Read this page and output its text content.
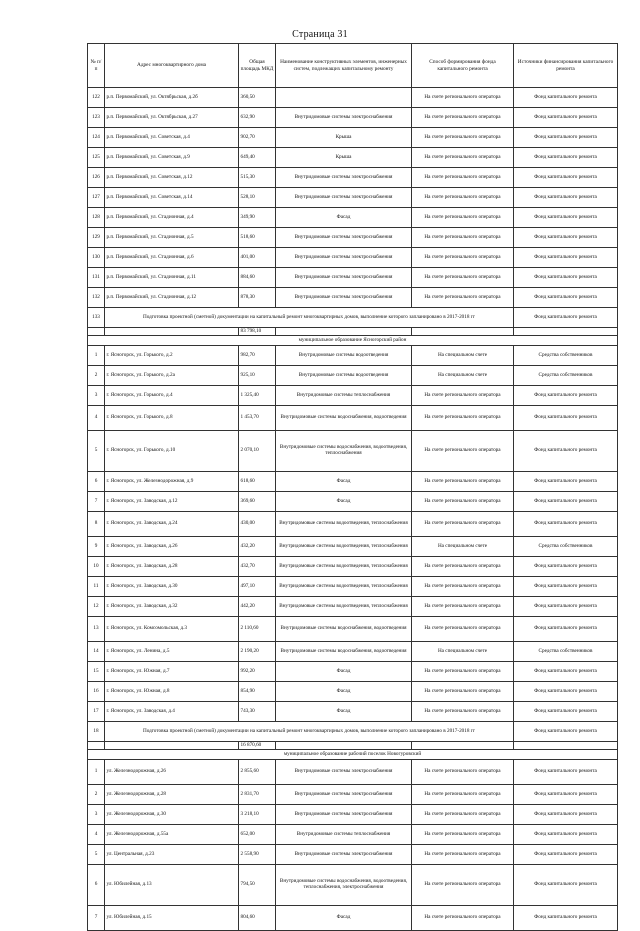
Страница 31
№ п/п	Адрес многоквартирного дома	Общая площадь МКД	Наименование конструктивных элементов, инженерных систем, подлежащих капитальному ремонту	Способ формирования фонда капитального ремонта	Источники финансирования капитального ремонта
122	р.п. Первомайский, ул. Октябрьская, д.2б	360,50		На счете регионального оператора	Фонд капитального ремонта
123	р.п. Первомайский, ул. Октябрьская, д.27	632,90	Внутридомовые системы электроснабжения	На счете регионального оператора	Фонд капитального ремонта
124	р.п. Первомайский, ул. Советская, д.4	902,70	Крыша	На счете регионального оператора	Фонд капитального ремонта
125	р.п. Первомайский, ул. Советская, д.9	649,40	Крыша	На счете регионального оператора	Фонд капитального ремонта
126	р.п. Первомайский, ул. Советская, д.12	515,30	Внутридомовые системы электроснабжения	На счете регионального оператора	Фонд капитального ремонта
127	р.п. Первомайский, ул. Советская, д.14	528,10	Внутридомовые системы электроснабжения	На счете регионального оператора	Фонд капитального ремонта
128	р.п. Первомайский, ул. Стадионная, д.4	349,90	Фасад	На счете регионального оператора	Фонд капитального ремонта
129	р.п. Первомайский, ул. Стадионная, д.5	518,60	Внутридомовые системы электроснабжения	На счете регионального оператора	Фонд капитального ремонта
130	р.п. Первомайский, ул. Стадионная, д.6	401,00	Внутридомовые системы электроснабжения	На счете регионального оператора	Фонд капитального ремонта
131	р.п. Первомайский, ул. Стадионная, д.11	884,60	Внутридомовые системы электроснабжения	На счете регионального оператора	Фонд капитального ремонта
132	р.п. Первомайский, ул. Стадионная, д.12	878,30	Внутридомовые системы электроснабжения	На счете регионального оператора	Фонд капитального ремонта
133	Подготовка проектной (сметной) документации на капитальный ремонт многоквартирных домов, выполнение которого запланировано в 2017-2018 гг				Фонд капитального ремонта
		83 798,10			
муниципальное образование Ясногорский район					
1	г. Ясногорск, ул. Горького, д.2	982,70	Внутридомовые системы водоотведения	На специальном счете	Средства собственников
2	г. Ясногорск, ул. Горького, д.2а	925,10	Внутридомовые системы водоотведения	На специальном счете	Средства собственников
3	г. Ясногорск, ул. Горького, д.4	1 325,40	Внутридомовые системы теплоснабжения	На счете регионального оператора	Фонд капитального ремонта
4	г. Ясногорск, ул. Горького, д.8	1 453,70	Внутридомовые системы водоснабжения, водоотведения	На счете регионального оператора	Фонд капитального ремонта
5	г. Ясногорск, ул. Горького, д.10	2 070,10	Внутридомовые системы водоснабжения, водоотведения, теплоснабжения	На счете регионального оператора	Фонд капитального ремонта
6	г. Ясногорск, ул. Железнодорожная, д.9	618,60	Фасад	На счете регионального оператора	Фонд капитального ремонта
7	г. Ясногорск, ул. Заводская, д.12	369,60	Фасад	На счете регионального оператора	Фонд капитального ремонта
8	г. Ясногорск, ул. Заводская, д.24	430,00	Внутридомовые системы водоотведения, теплоснабжения	На счете регионального оператора	Фонд капитального ремонта
9	г. Ясногорск, ул. Заводская, д.26	432,20	Внутридомовые системы водоотведения, теплоснабжения	На специальном счете	Средства собственников
10	г. Ясногорск, ул. Заводская, д.28	432,70	Внутридомовые системы водоотведения, теплоснабжения	На счете регионального оператора	Фонд капитального ремонта
11	г. Ясногорск, ул. Заводская, д.30	497,10	Внутридомовые системы водоотведения, теплоснабжения	На счете регионального оператора	Фонд капитального ремонта
12	г. Ясногорск, ул. Заводская, д.32	442,20	Внутридомовые системы водоотведения, теплоснабжения	На счете регионального оператора	Фонд капитального ремонта
13	г. Ясногорск, ул. Комсомольская, д.3	2 110,60	Внутридомовые системы водоснабжения, водоотведения	На счете регионального оператора	Фонд капитального ремонта
14	г. Ясногорск, ул. Ленина, д.5	2 190,20	Внутридомовые системы водоснабжения, водоотведения	На специальном счете	Средства собственников
15	г. Ясногорск, ул. Южная, д.7	992,20	Фасад	На счете регионального оператора	Фонд капитального ремонта
16	г. Ясногорск, ул. Южная, д.8	854,90	Фасад	На счете регионального оператора	Фонд капитального ремонта
17	г. Ясногорск, ул. Заводская, д.4	743,30	Фасад	На счете регионального оператора	Фонд капитального ремонта
18	Подготовка проектной (сметной) документации на капитальный ремонт многоквартирных домов, выполнение которого запланировано в 2017-2018 гг				Фонд капитального ремонта
		16 870,60			
муниципальное образование рабочий поселок Новогуровский					
1	ул. Железнодорожная, д.26	2 855,60	Внутридомовые системы электроснабжения	На счете регионального оператора	Фонд капитального ремонта
2	ул. Железнодорожная, д.28	2 831,70	Внутридомовые системы электроснабжения	На счете регионального оператора	Фонд капитального ремонта
3	ул. Железнодорожная, д.30	3 218,10	Внутридомовые системы электроснабжения	На счете регионального оператора	Фонд капитального ремонта
4	ул. Железнодорожная, д.55а	652,00	Внутридомовые системы теплоснабжения	На счете регионального оператора	Фонд капитального ремонта
5	ул. Центральная, д.23	2 558,90	Внутридомовые системы электроснабжения	На счете регионального оператора	Фонд капитального ремонта
6	ул. Юбилейная, д.13	794,50	Внутридомовые системы водоснабжения, водоотведения, теплоснабжения, электроснабжения	На счете регионального оператора	Фонд капитального ремонта
7	ул. Юбилейная, д.15	804,60	Фасад	На счете регионального оператора	Фонд капитального ремонта
